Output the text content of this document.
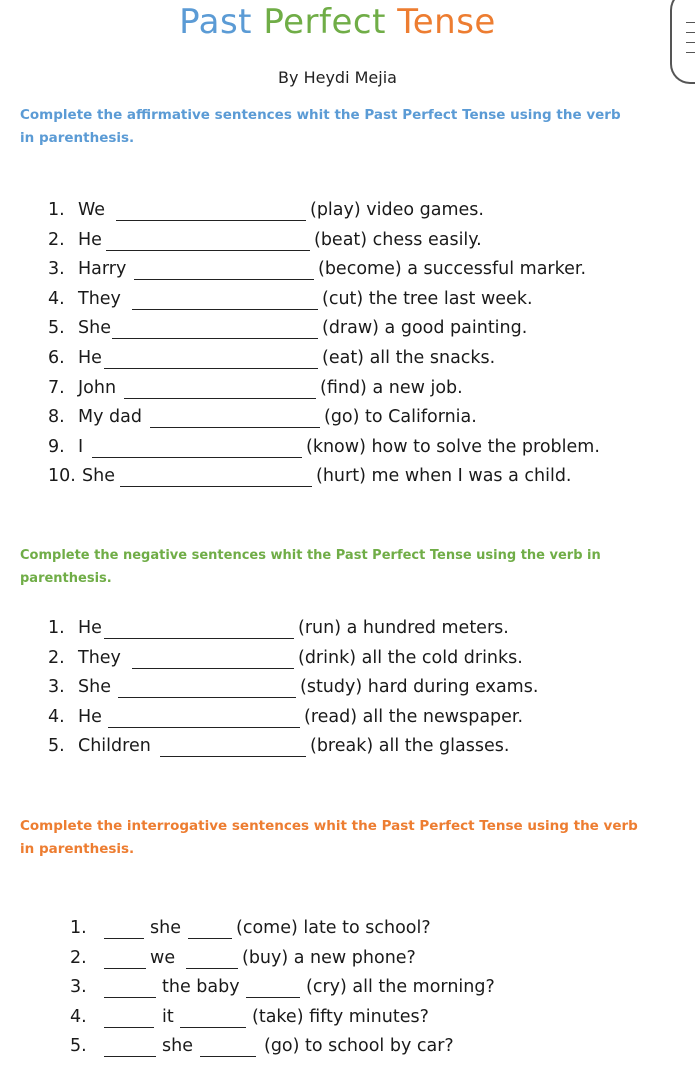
Past Perfect Tense
By Heydi Mejia
Complete the affirmative sentences whit the Past Perfect Tense using the verb in parenthesis.
1. We	(play) video games.
2. He	(beat) chess easily.
3. Harry	(become) a successful marker.
4. They	(cut) the tree last week.
5. She	(draw) a good painting.
6. He	(eat) all the snacks.
7. John	(find) a new job.
8. My dad	(go) to California.
9. I	(know) how to solve the problem.
10. She	(hurt) me when I was a child.
Complete the negative sentences whit the Past Perfect Tense using the verb in parenthesis.
1. He	(run) a hundred meters.
2. They	(drink) all the cold drinks.
3. She	(study) hard during exams.
4. He	(read) all the newspaper.
5. Children	(break) all the glasses.
Complete the interrogative sentences whit the Past Perfect Tense using the verb in parenthesis.
1.	she	(come) late to school?
2.	we	(buy) a new phone?
3.	the baby	(cry) all the morning?
4.	it	(take) fifty minutes?
5.	she	(go) to school by car?
